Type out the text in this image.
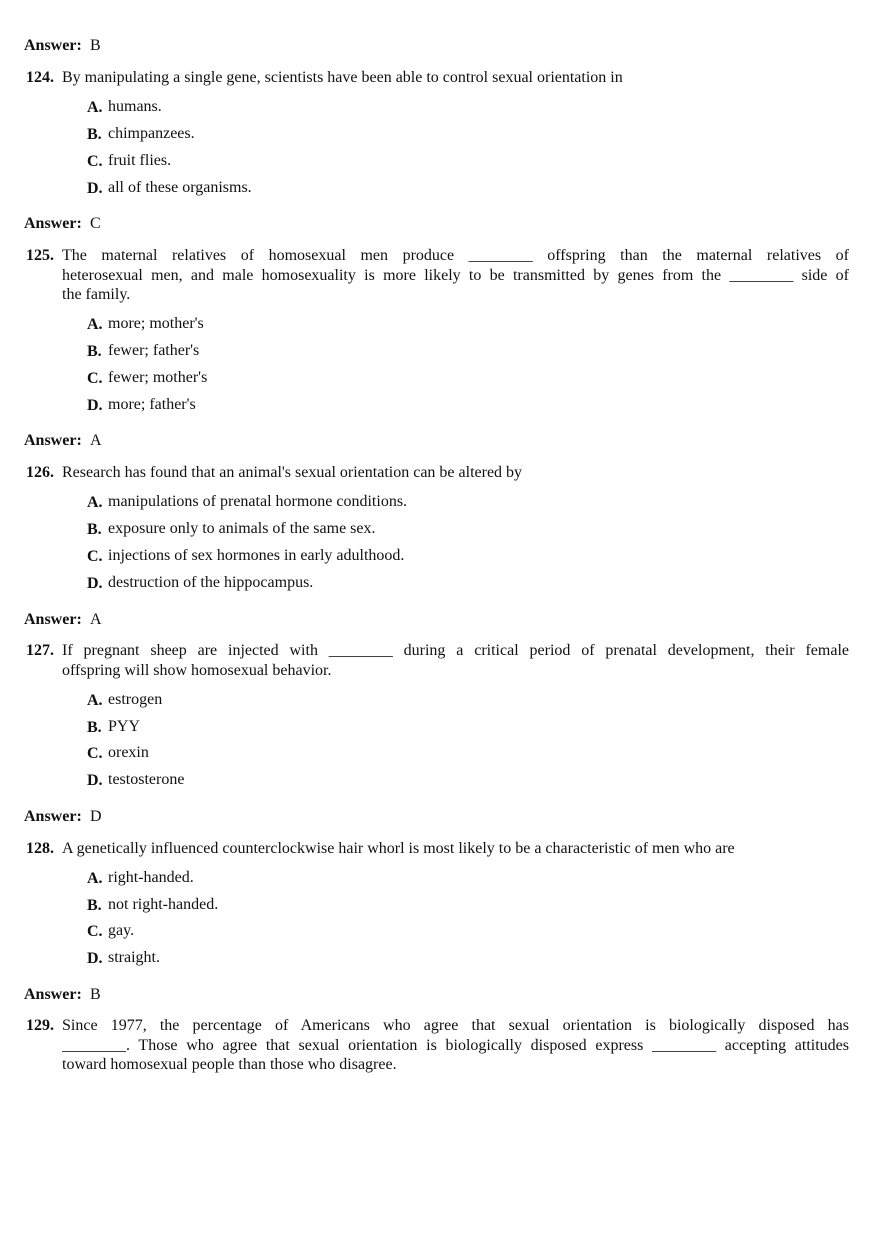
Answer: B
124. By manipulating a single gene, scientists have been able to control sexual orientation in
A. humans.
B. chimpanzees.
C. fruit flies.
D. all of these organisms.
Answer: C
125. The maternal relatives of homosexual men produce ________ offspring than the maternal relatives of
heterosexual men, and male homosexuality is more likely to be transmitted by genes from the ________ side of
the family.
A. more; mother's
B. fewer; father's
C. fewer; mother's
D. more; father's
Answer: A
126. Research has found that an animal's sexual orientation can be altered by
A. manipulations of prenatal hormone conditions.
B. exposure only to animals of the same sex.
C. injections of sex hormones in early adulthood.
D. destruction of the hippocampus.
Answer: A
127. If pregnant sheep are injected with ________ during a critical period of prenatal development, their female
offspring will show homosexual behavior.
A. estrogen
B. PYY
C. orexin
D. testosterone
Answer: D
128. A genetically influenced counterclockwise hair whorl is most likely to be a characteristic of men who are
A. right-handed.
B. not right-handed.
C. gay.
D. straight.
Answer: B
129. Since 1977, the percentage of Americans who agree that sexual orientation is biologically disposed has
________. Those who agree that sexual orientation is biologically disposed express ________ accepting attitudes
toward homosexual people than those who disagree.
